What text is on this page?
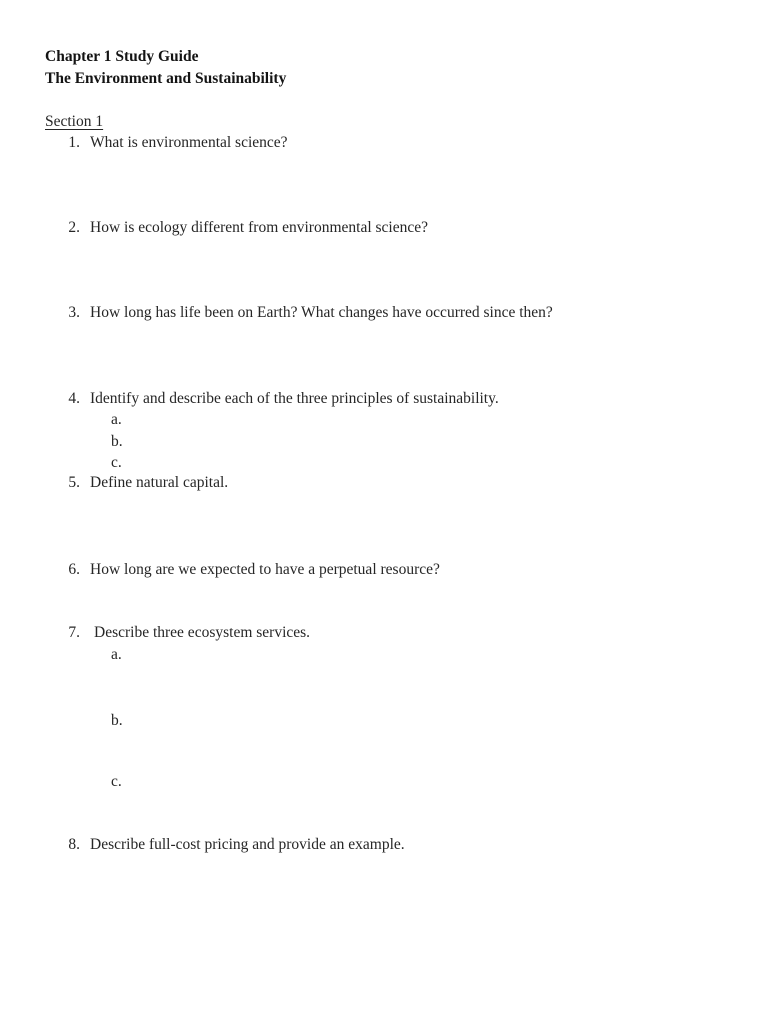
Chapter 1 Study Guide
The Environment and Sustainability
Section 1
1. What is environmental science?
2. How is ecology different from environmental science?
3. How long has life been on Earth? What changes have occurred since then?
4. Identify and describe each of the three principles of sustainability.
a.
b.
c.
5. Define natural capital.
6. How long are we expected to have a perpetual resource?
7. Describe three ecosystem services.
a.
b.
c.
8. Describe full-cost pricing and provide an example.
